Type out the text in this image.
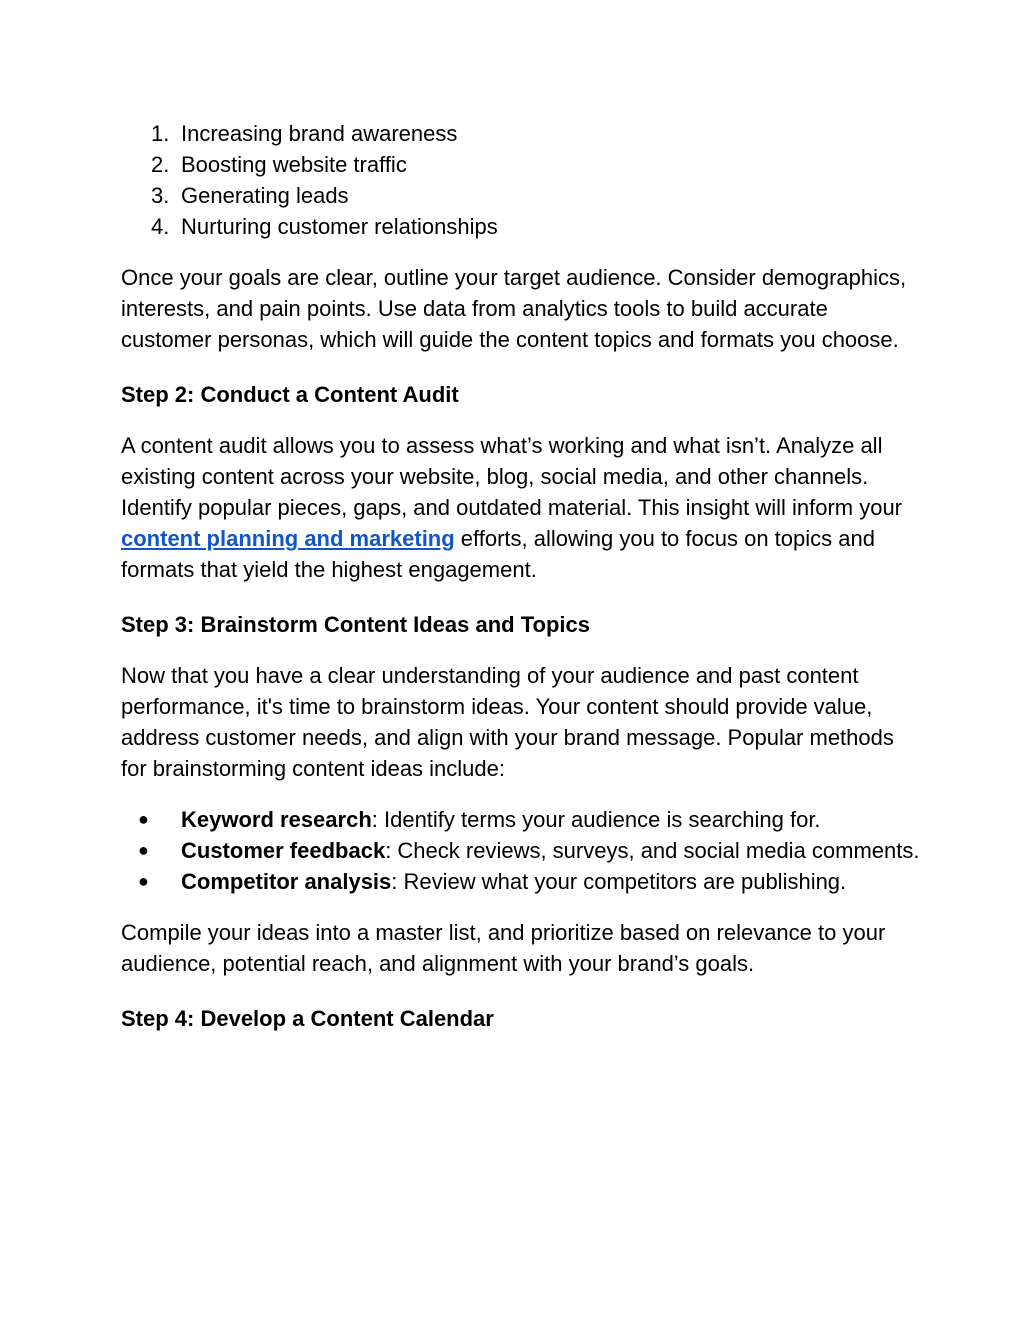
1. Increasing brand awareness
2. Boosting website traffic
3. Generating leads
4. Nurturing customer relationships

Once your goals are clear, outline your target audience. Consider demographics, interests, and pain points. Use data from analytics tools to build accurate customer personas, which will guide the content topics and formats you choose.

Step 2: Conduct a Content Audit

A content audit allows you to assess what’s working and what isn’t. Analyze all existing content across your website, blog, social media, and other channels. Identify popular pieces, gaps, and outdated material. This insight will inform your content planning and marketing efforts, allowing you to focus on topics and formats that yield the highest engagement.

Step 3: Brainstorm Content Ideas and Topics

Now that you have a clear understanding of your audience and past content performance, it's time to brainstorm ideas. Your content should provide value, address customer needs, and align with your brand message. Popular methods for brainstorming content ideas include:

● Keyword research: Identify terms your audience is searching for.
● Customer feedback: Check reviews, surveys, and social media comments.
● Competitor analysis: Review what your competitors are publishing.

Compile your ideas into a master list, and prioritize based on relevance to your audience, potential reach, and alignment with your brand’s goals.

Step 4: Develop a Content Calendar
